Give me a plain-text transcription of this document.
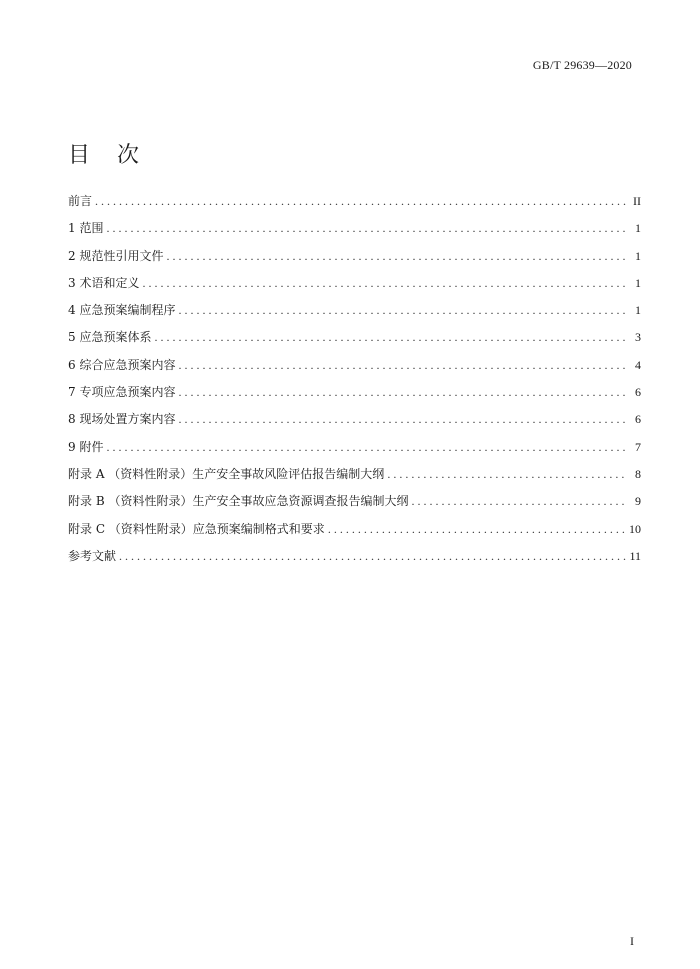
GB/T 29639—2020
目 次
前言 . . .	II
1 范围 . . .	1
2 规范性引用文件 . . .	1
3 术语和定义 . . .	1
4 应急预案编制程序 . . .	1
5 应急预案体系 . . .	3
6 综合应急预案内容 . . .	4
7 专项应急预案内容 . . .	6
8 现场处置方案内容 . . .	6
9 附件 . . .	7
附录 A （资料性附录）生产安全事故风险评估报告编制大纲 . . .	8
附录 B （资料性附录）生产安全事故应急资源调查报告编制大纲 . . .	9
附录 C （资料性附录）应急预案编制格式和要求 . . .	10
参考文献 . . .	11
I
